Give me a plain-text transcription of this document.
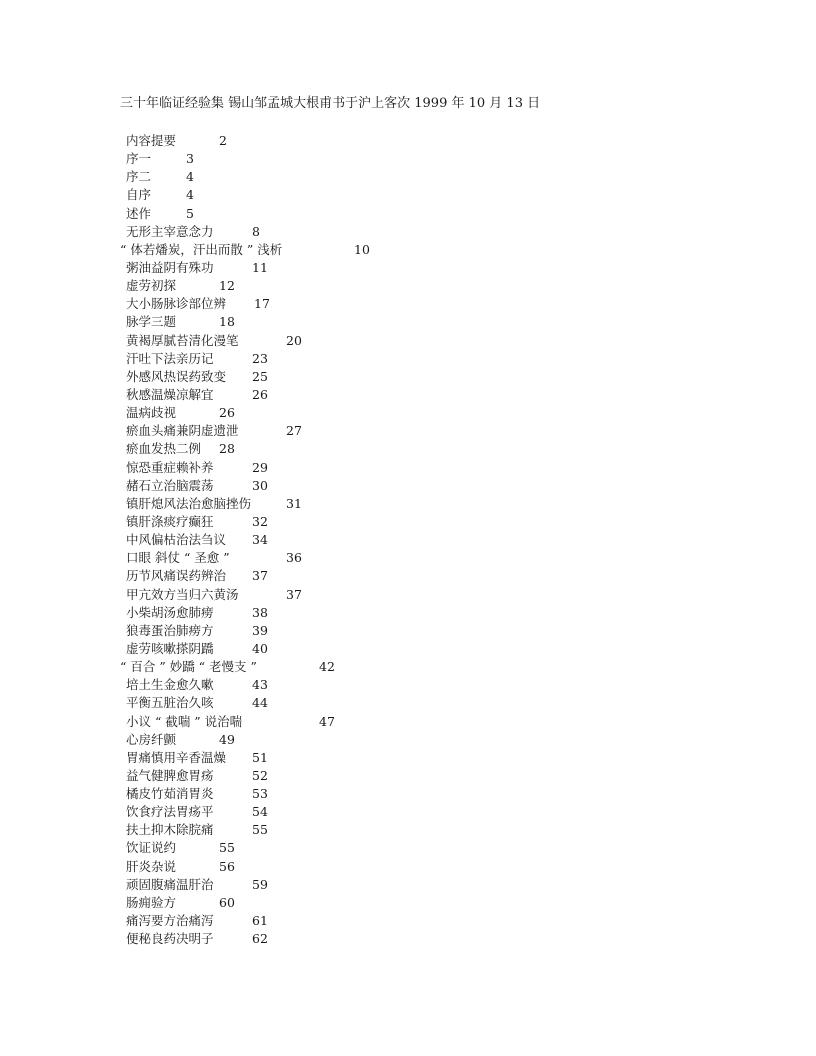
三十年临证经验集 锡山邹孟城大根甫书于沪上客次 1999 年 10 月 13 日
内容提要	2
序一	3
序二	4
自序	4
述作	5
无形主宰意念力	8
“ 体若燔炭，汗出而散 ” 浅析	10
粥油益阴有殊功	11
虚劳初探	12
大小肠脉诊部位辨 17
脉学三题	18
黄褐厚腻苔清化漫笔	20
汗吐下法亲历记	23
外感风热误药致变 25
秋感温燥凉解宜	26
温病歧视	26
瘀血头痛兼阴虚遗泄	27
瘀血发热二例 28
惊恐重症赖补养	29
赭石立治脑震荡	30
镇肝熄风法治愈脑挫伤	31
镇肝涤痰疗癫狂	32
中风偏枯治法刍议 34
口眼 斜仗 “ 圣愈 ”	36
历节风痛误药辨治 37
甲亢效方当归六黄汤	37
小柴胡汤愈肺痨	38
狼毒蛋治肺痨方	39
虚劳咳嗽搽阴蹻	40
“ 百合 ” 妙蹻 “ 老慢支 ”	42
培土生金愈久嗽	43
平衡五脏治久咳	44
小议 “ 截喘 ” 说治喘	47
心房纤颤	49
胃痛慎用辛香温燥 51
益气健脾愈胃疡	52
橘皮竹茹消胃炎	53
饮食疗法胃疡平	54
扶土抑木除脘痛	55
饮证说约	55
肝炎杂说	56
顽固腹痛温肝治	59
肠痈验方	60
痛泻要方治痛泻	61
便秘良药决明子	62
